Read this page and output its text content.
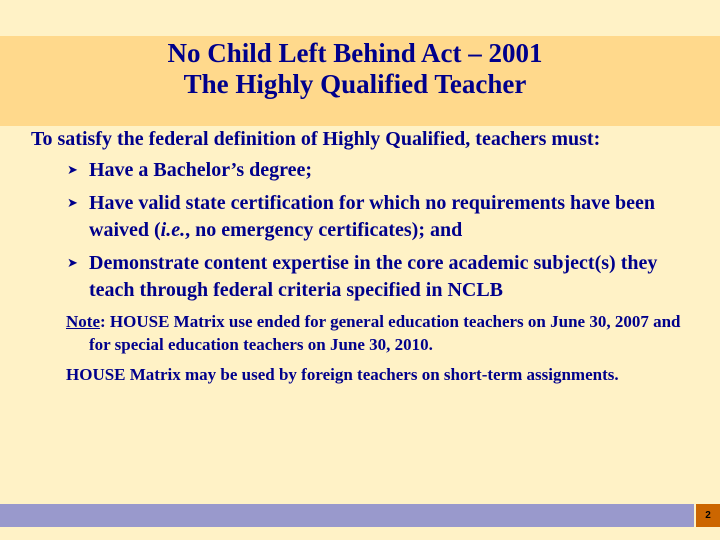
No Child Left Behind Act – 2001
The Highly Qualified Teacher

To satisfy the federal definition of Highly Qualified, teachers must:

➤ Have a Bachelor’s degree;
➤ Have valid state certification for which no requirements have been waived (i.e., no emergency certificates); and
➤ Demonstrate content expertise in the core academic subject(s) they teach through federal criteria specified in NCLB

Note: HOUSE Matrix use ended for general education teachers on June 30, 2007 and for special education teachers on June 30, 2010.

HOUSE Matrix may be used by foreign teachers on short-term assignments.

2
